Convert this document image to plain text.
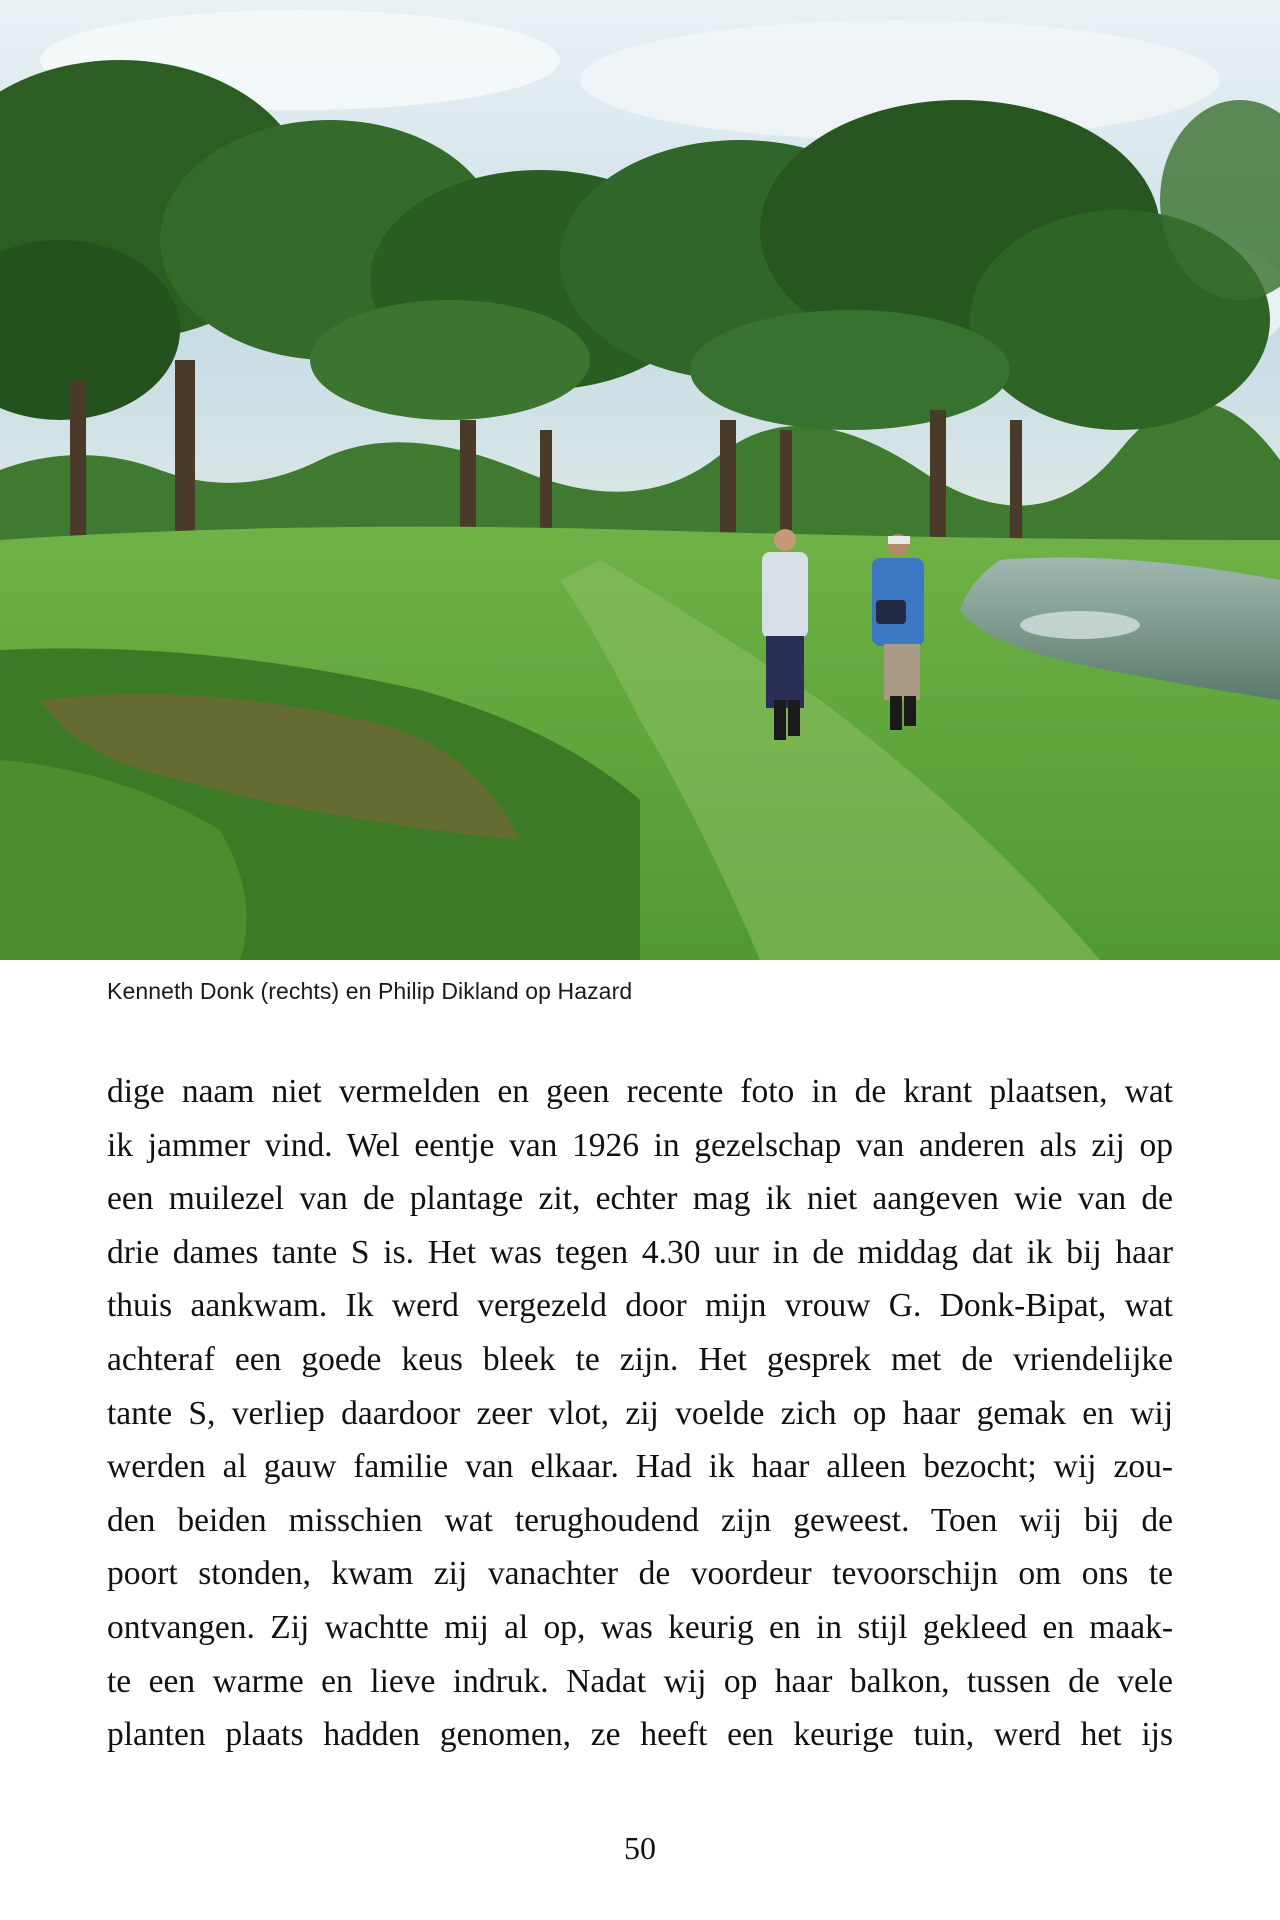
Kenneth Donk (rechts) en Philip Dikland op Hazard
dige naam niet vermelden en geen recente foto in de krant plaatsen, wat
ik jammer vind. Wel eentje van 1926 in gezelschap van anderen als zij op
een muilezel van de plantage zit, echter mag ik niet aangeven wie van de
drie dames tante S is. Het was tegen 4.30 uur in de middag dat ik bij haar
thuis aankwam. Ik werd vergezeld door mijn vrouw G. Donk-Bipat, wat
achteraf een goede keus bleek te zijn. Het gesprek met de vriendelijke
tante S, verliep daardoor zeer vlot, zij voelde zich op haar gemak en wij
werden al gauw familie van elkaar. Had ik haar alleen bezocht; wij zou-
den beiden misschien wat terughoudend zijn geweest. Toen wij bij de
poort stonden, kwam zij vanachter de voordeur tevoorschijn om ons te
ontvangen. Zij wachtte mij al op, was keurig en in stijl gekleed en maak-
te een warme en lieve indruk. Nadat wij op haar balkon, tussen de vele
planten plaats hadden genomen, ze heeft een keurige tuin, werd het ijs
50
